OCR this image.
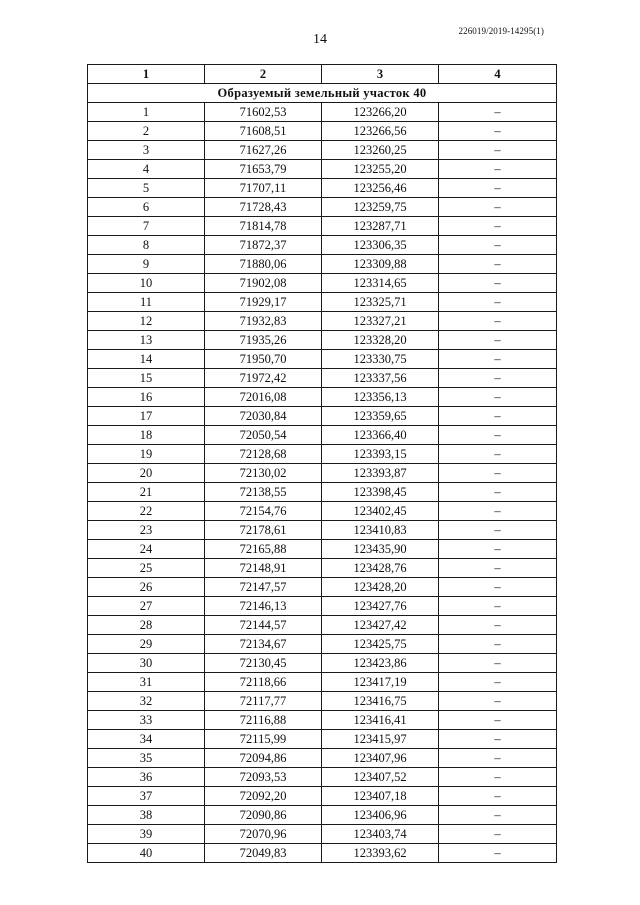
14
226019/2019-14295(1)
1	2	3	4
Образуемый земельный участок 40			
1	71602,53	123266,20	–
2	71608,51	123266,56	–
3	71627,26	123260,25	–
4	71653,79	123255,20	–
5	71707,11	123256,46	–
6	71728,43	123259,75	–
7	71814,78	123287,71	–
8	71872,37	123306,35	–
9	71880,06	123309,88	–
10	71902,08	123314,65	–
11	71929,17	123325,71	–
12	71932,83	123327,21	–
13	71935,26	123328,20	–
14	71950,70	123330,75	–
15	71972,42	123337,56	–
16	72016,08	123356,13	–
17	72030,84	123359,65	–
18	72050,54	123366,40	–
19	72128,68	123393,15	–
20	72130,02	123393,87	–
21	72138,55	123398,45	–
22	72154,76	123402,45	–
23	72178,61	123410,83	–
24	72165,88	123435,90	–
25	72148,91	123428,76	–
26	72147,57	123428,20	–
27	72146,13	123427,76	–
28	72144,57	123427,42	–
29	72134,67	123425,75	–
30	72130,45	123423,86	–
31	72118,66	123417,19	–
32	72117,77	123416,75	–
33	72116,88	123416,41	–
34	72115,99	123415,97	–
35	72094,86	123407,96	–
36	72093,53	123407,52	–
37	72092,20	123407,18	–
38	72090,86	123406,96	–
39	72070,96	123403,74	–
40	72049,83	123393,62	–
